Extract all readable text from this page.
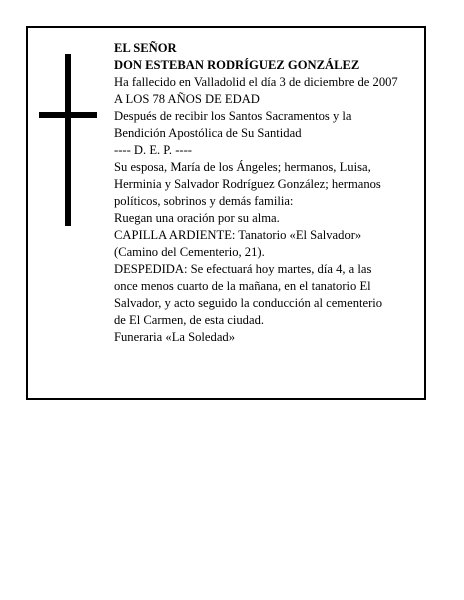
EL SEÑOR
DON ESTEBAN RODRÍGUEZ GONZÁLEZ
Ha fallecido en Valladolid el día 3 de diciembre de 2007
A LOS 78 AÑOS DE EDAD
Después de recibir los Santos Sacramentos y la
Bendición Apostólica de Su Santidad
---- D. E. P. ----
Su esposa, María de los Ángeles; hermanos, Luisa,
Herminia y Salvador Rodríguez González; hermanos
políticos, sobrinos y demás familia:
Ruegan una oración por su alma.
CAPILLA ARDIENTE: Tanatorio «El Salvador»
(Camino del Cementerio, 21).
DESPEDIDA: Se efectuará hoy martes, día 4, a las
once menos cuarto de la mañana, en el tanatorio El
Salvador, y acto seguido la conducción al cementerio
de El Carmen, de esta ciudad.
Funeraria «La Soledad»
